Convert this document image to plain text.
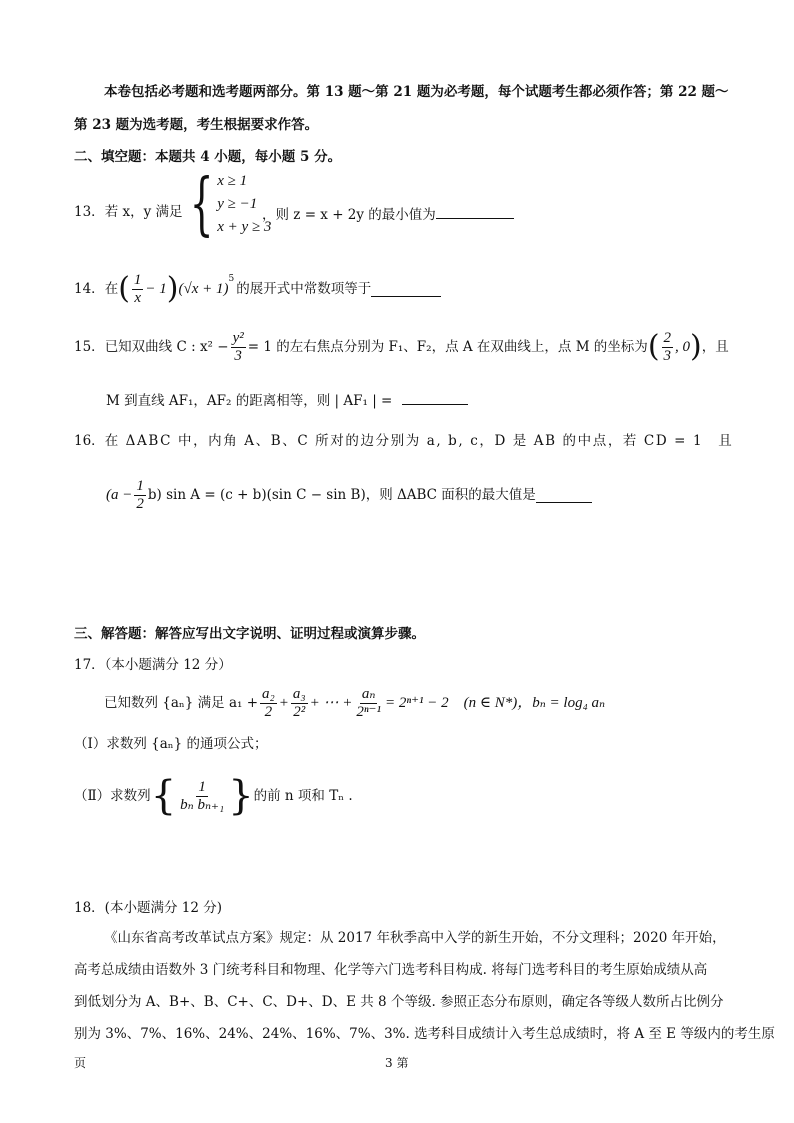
本卷包括必考题和选考题两部分。第 13 题～第 21 题为必考题，每个试题考生都必须作答；第 22 题～
第 23 题为选考题，考生根据要求作答。
二、填空题：本题共 4 小题，每小题 5 分。
13．若 x，y 满足 { x ≥ 1
y ≥ −1
x + y ≥ 3
，则 z = x + 2y 的最小值为
14． 在 ( $\frac{1}{x} - 1$ ) (√x + 1)
$^5$
的展开式中常数项等于
15． 已知双曲线 C : $x^2 - \frac{\text{y²}}{3} = 1$ 的左右焦点分别为 F₁、F₂，点 A 在双曲线上，点 M 的坐标为 ( $\frac{2}{3}$ , 0 ) ，且
M 到直线 AF₁，AF₂ 的距离相等，则 | AF₁ | =
16．在 ΔABC 中，内角 A、B、C 所对的边分别为 a, b, c，D 是 AB 的中点，若 CD = 1　且
$(a - \frac{1}{2} b)$ sin A = (c + b)(sin C − sin B)，则 ΔABC 面积的最大值是
三、解答题：解答应写出文字说明、证明过程或演算步骤。
17．（本小题满分 12 分）
已知数列 {aₙ} 满足 $a_1 + \frac{\text{a₂}}{2} + \frac{\text{a₃}}{\text{2²}}$ + ⋯ + $\frac{\text{aₙ}}{\text{2ⁿ⁻¹}} = 2^{n+1} - 2$　(n ∈ N*)，bₙ = log₄ aₙ
（Ⅰ）求数列 {aₙ} 的通项公式；
（Ⅱ）求数列 { $\frac{1}{\text{bₙ bₙ₊₁}}$ } 的前 n 项和 Tₙ .
18．(本小题满分 12 分)
《山东省高考改革试点方案》规定：从 2017 年秋季高中入学的新生开始，不分文理科；2020 年开始，
高考总成绩由语数外 3 门统考科目和物理、化学等六门选考科目构成. 将每门选考科目的考生原始成绩从高
到低划分为 A、B+、B、C+、C、D+、D、E 共 8 个等级. 参照正态分布原则，确定各等级人数所占比例分
别为 3%、7%、16%、24%、24%、16%、7%、3%. 选考科目成绩计入考生总成绩时，将 A 至 E 等级内的考生原
页	3 第
